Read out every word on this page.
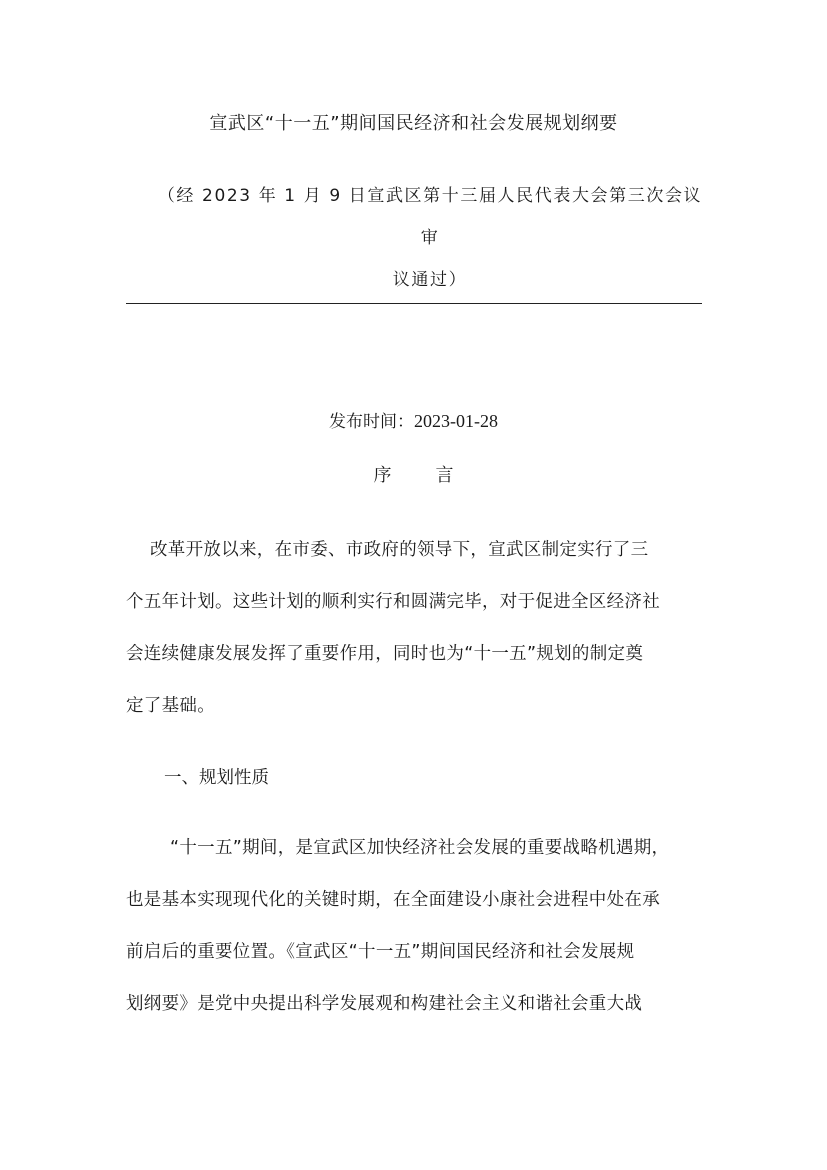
宣武区“十一五”期间国民经济和社会发展规划纲要
（经 2023 年 1 月 9 日宣武区第十三届人民代表大会第三次会议审
议通过）
发布时间：2023-01-28
序言
改革开放以来，在市委、市政府的领导下，宣武区制定实行了三
个五年计划。这些计划的顺利实行和圆满完毕，对于促进全区经济社
会连续健康发展发挥了重要作用，同时也为“十一五”规划的制定奠
定了基础。
一、规划性质
“十一五”期间，是宣武区加快经济社会发展的重要战略机遇期，
也是基本实现现代化的关键时期，在全面建设小康社会进程中处在承
前启后的重要位置。《宣武区“十一五”期间国民经济和社会发展规
划纲要》是党中央提出科学发展观和构建社会主义和谐社会重大战
